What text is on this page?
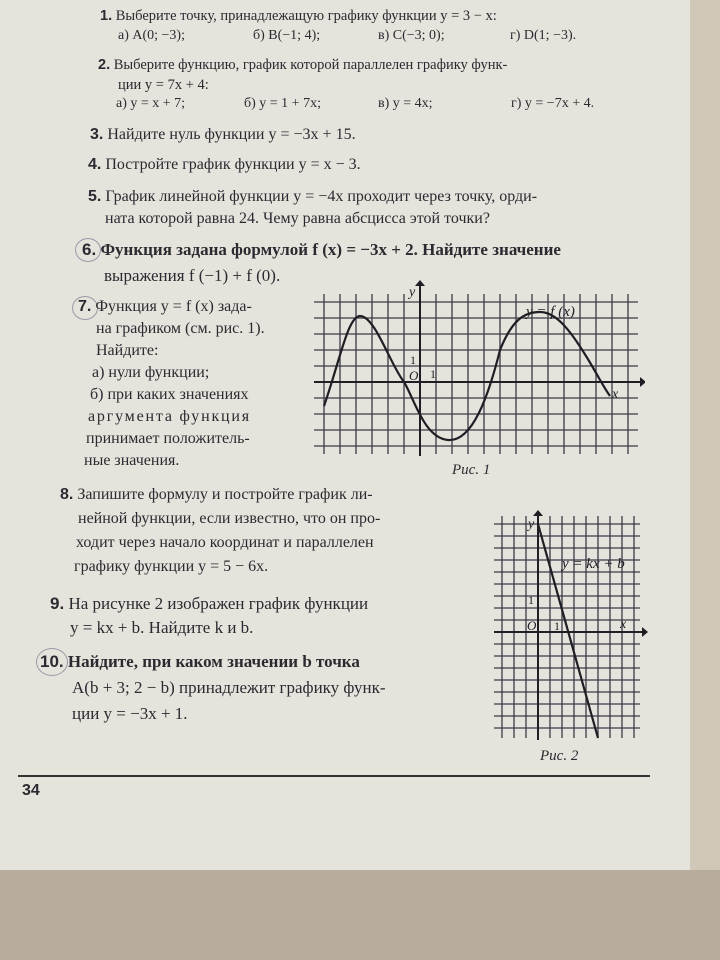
1. Выберите точку, принадлежащую графику функции y = 3 − x:
а) A(0; −3);	б) B(−1; 4);	в) C(−3; 0);	г) D(1; −3).
2. Выберите функцию, график которой параллелен графику функ-
ции y = 7x + 4:
а) y = x + 7;	б) y = 1 + 7x;	в) y = 4x;	г) y = −7x + 4.
3. Найдите нуль функции y = −3x + 15.
4. Постройте график функции y = x − 3.
5. График линейной функции y = −4x проходит через точку, орди-
ната которой равна 24. Чему равна абсцисса этой точки?
6. Функция задана формулой f (x) = −3x + 2. Найдите значение
выражения f (−1) + f (0).
7. Функция y = f (x) зада-
на графиком (см. рис. 1).
Найдите:
а) нули функции;
б) при каких значениях
аргумента функция
принимает положитель-
ные значения.
y = f (x)
x
y
O
1
1
Рис. 1
8. Запишите формулу и постройте график ли-
нейной функции, если известно, что он про-
ходит через начало координат и параллелен
графику функции y = 5 − 6x.
9. На рисунке 2 изображен график функции
y = kx + b. Найдите k и b.
10. Найдите, при каком значении b точка
A(b + 3; 2 − b) принадлежит графику функ-
ции y = −3x + 1.
y = kx + b
x
y
O
1
1
Рис. 2
34
